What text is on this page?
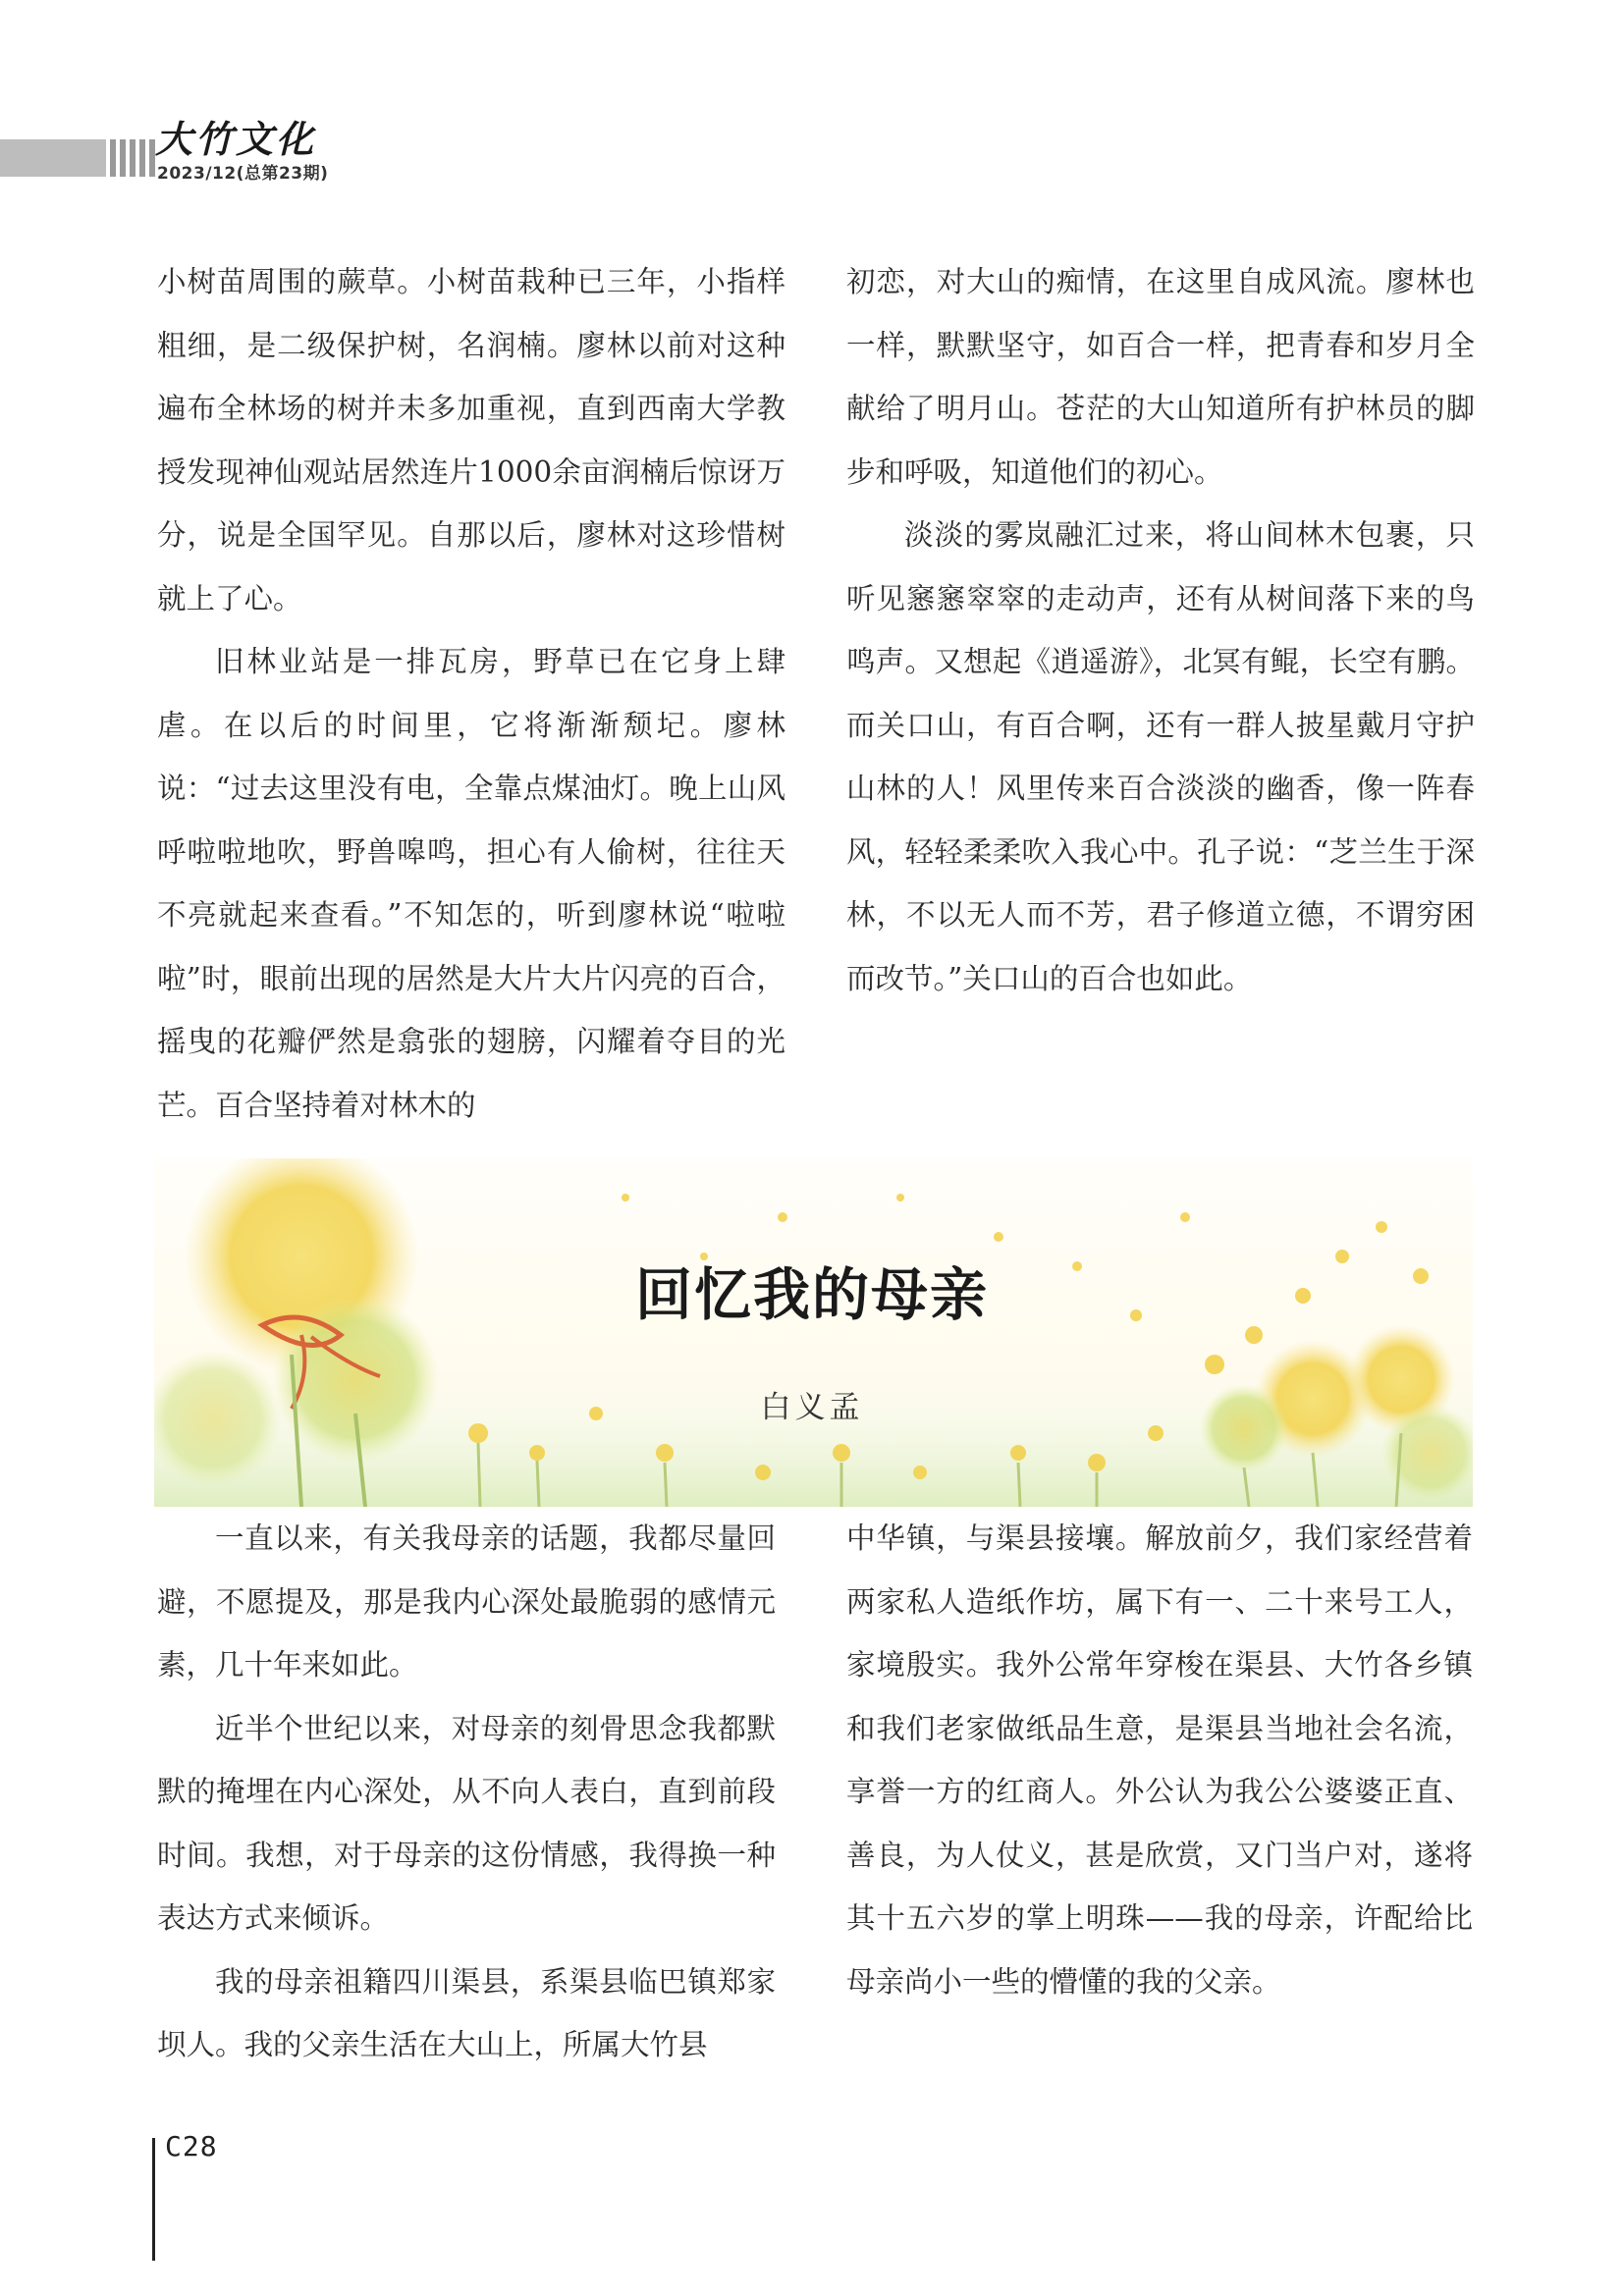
大竹文化
2023/12(总第23期)

小树苗周围的蕨草。小树苗栽种已三年，小指样粗细，是二级保护树，名润楠。廖林以前对这种遍布全林场的树并未多加重视，直到西南大学教授发现神仙观站居然连片1000余亩润楠后惊讶万分，说是全国罕见。自那以后，廖林对这珍惜树就上了心。

旧林业站是一排瓦房，野草已在它身上肆虐。在以后的时间里，它将渐渐颓圮。廖林说：“过去这里没有电，全靠点煤油灯。晚上山风呼啦啦地吹，野兽嗥鸣，担心有人偷树，往往天不亮就起来查看。”不知怎的，听到廖林说“啦啦啦”时，眼前出现的居然是大片大片闪亮的百合，摇曳的花瓣俨然是翕张的翅膀，闪耀着夺目的光芒。百合坚持着对林木的

初恋，对大山的痴情，在这里自成风流。廖林也一样，默默坚守，如百合一样，把青春和岁月全献给了明月山。苍茫的大山知道所有护林员的脚步和呼吸，知道他们的初心。

淡淡的雾岚融汇过来，将山间林木包裹，只听见窸窸窣窣的走动声，还有从树间落下来的鸟鸣声。又想起《逍遥游》，北冥有鲲，长空有鹏。而关口山，有百合啊，还有一群人披星戴月守护山林的人！风里传来百合淡淡的幽香，像一阵春风，轻轻柔柔吹入我心中。孔子说：“芝兰生于深林，不以无人而不芳，君子修道立德，不谓穷困而改节。”关口山的百合也如此。

回忆我的母亲
白义孟

一直以来，有关我母亲的话题，我都尽量回避，不愿提及，那是我内心深处最脆弱的感情元素，几十年来如此。

近半个世纪以来，对母亲的刻骨思念我都默默的掩埋在内心深处，从不向人表白，直到前段时间。我想，对于母亲的这份情感，我得换一种表达方式来倾诉。

我的母亲祖籍四川渠县，系渠县临巴镇郑家坝人。我的父亲生活在大山上，所属大竹县

中华镇，与渠县接壤。解放前夕，我们家经营着两家私人造纸作坊，属下有一、二十来号工人，家境殷实。我外公常年穿梭在渠县、大竹各乡镇和我们老家做纸品生意，是渠县当地社会名流，享誉一方的红商人。外公认为我公公婆婆正直、善良，为人仗义，甚是欣赏，又门当户对，遂将其十五六岁的掌上明珠——我的母亲，许配给比母亲尚小一些的懵懂的我的父亲。

C28
